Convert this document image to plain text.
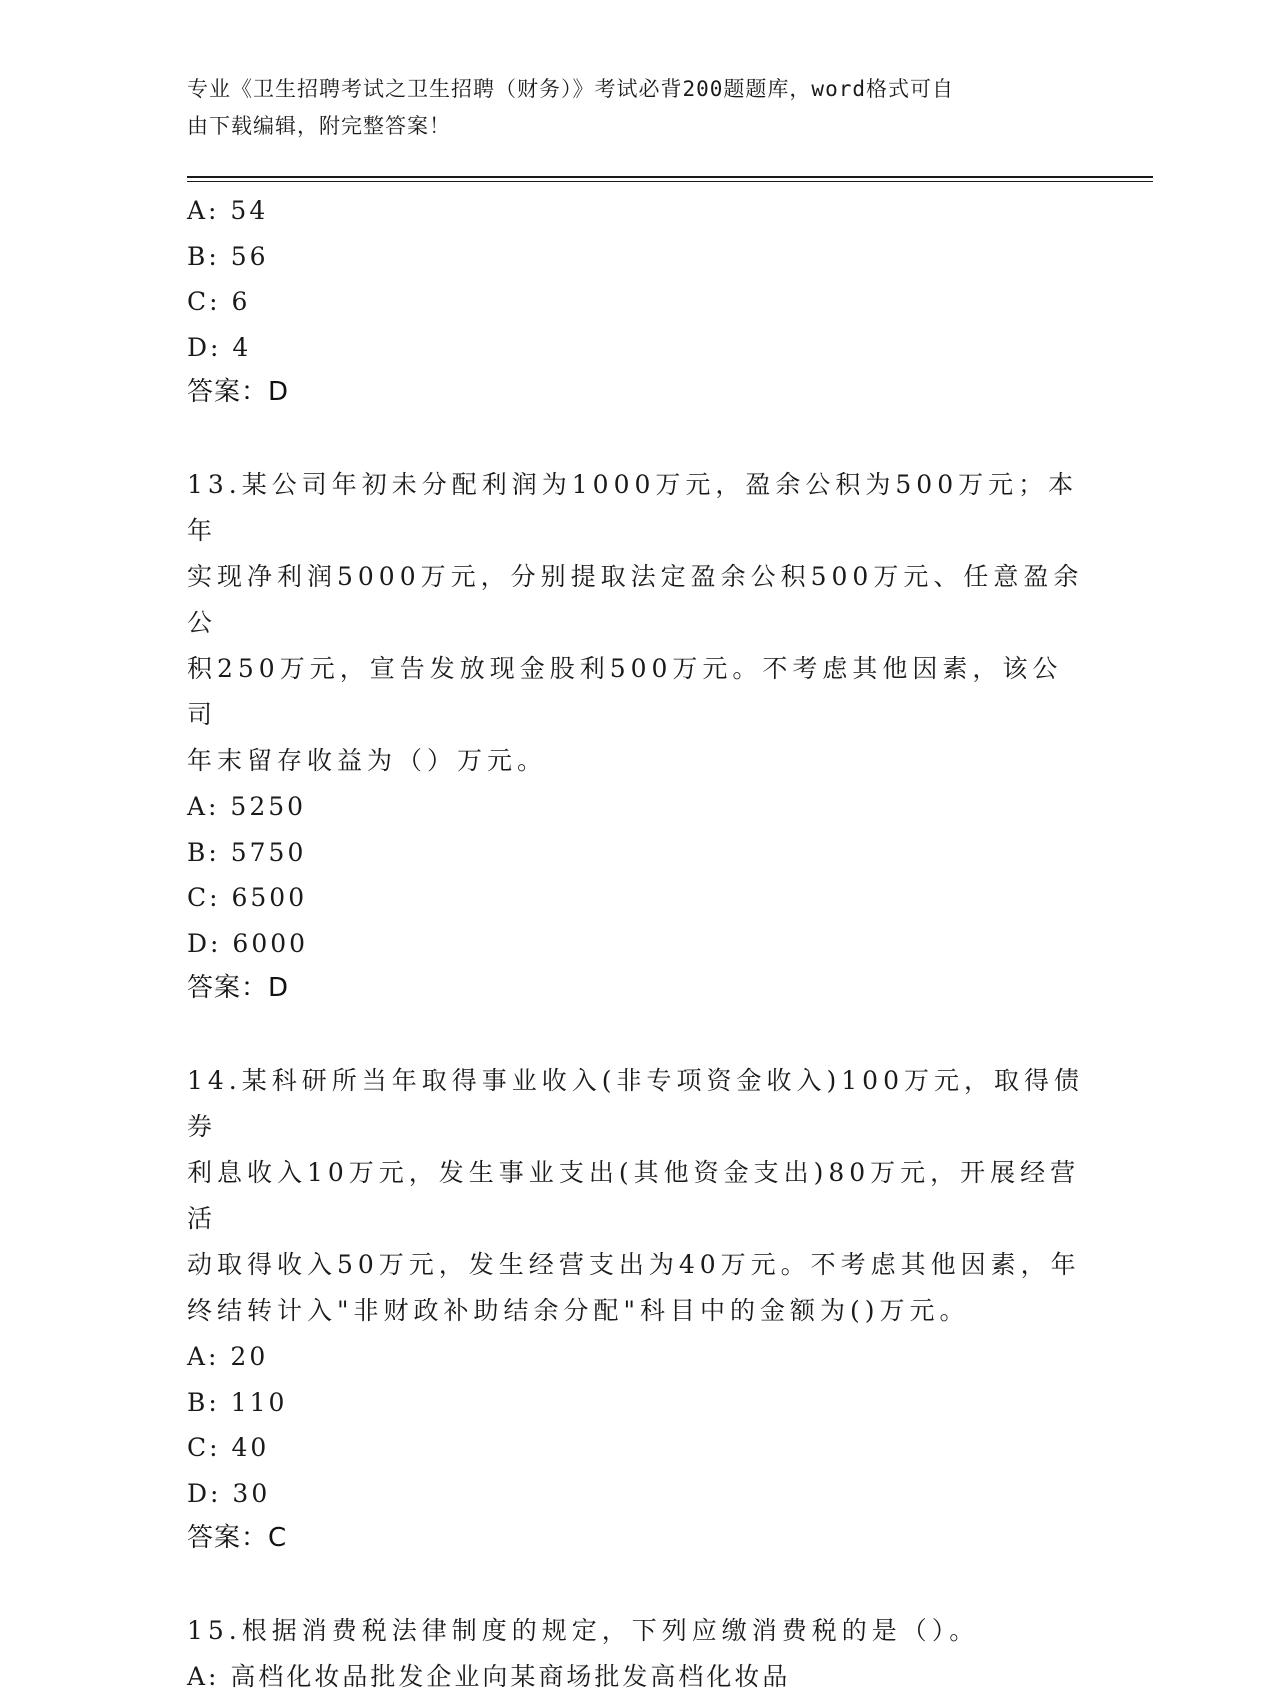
专业《卫生招聘考试之卫生招聘（财务）》考试必背200题题库，word格式可自
由下载编辑，附完整答案！
A: 54
B: 56
C: 6
D: 4
答案：D
13.某公司年初未分配利润为1000万元，盈余公积为500万元；本年
实现净利润5000万元，分别提取法定盈余公积500万元、任意盈余公
积250万元，宣告发放现金股利500万元。不考虑其他因素，该公司
年末留存收益为（）万元。
A: 5250
B: 5750
C: 6500
D: 6000
答案：D
14.某科研所当年取得事业收入(非专项资金收入)100万元，取得债券
利息收入10万元，发生事业支出(其他资金支出)80万元，开展经营活
动取得收入50万元，发生经营支出为40万元。不考虑其他因素，年
终结转计入"非财政补助结余分配"科目中的金额为()万元。
A: 20
B: 110
C: 40
D: 30
答案：C
15.根据消费税法律制度的规定，下列应缴消费税的是（）。
A: 高档化妆品批发企业向某商场批发高档化妆品
